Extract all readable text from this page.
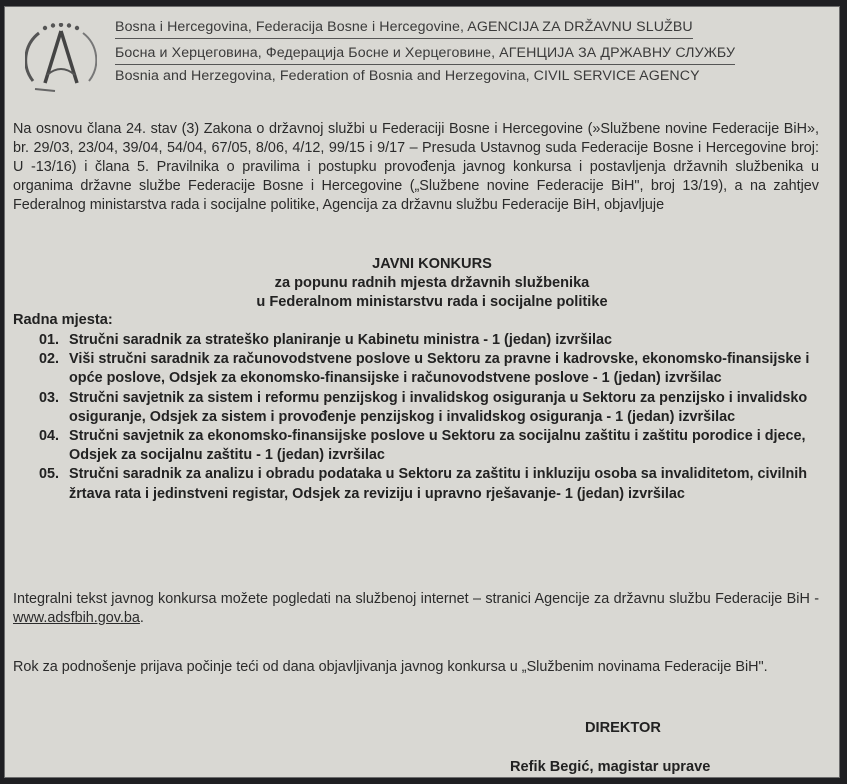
Bosna i Hercegovina, Federacija Bosne i Hercegovine, AGENCIJA ZA DRŽAVNU SLUŽBU
Босна и Херцеговина, Федерација Босне и Херцеговине, АГЕНЦИЈА ЗА ДРЖАВНУ СЛУЖБУ
Bosnia and Herzegovina, Federation of Bosnia and Herzegovina, CIVIL SERVICE AGENCY

Na osnovu člana 24. stav (3) Zakona o državnoj službi u Federaciji Bosne i Hercegovine (»Službene novine Federacije BiH», br. 29/03, 23/04, 39/04, 54/04, 67/05, 8/06, 4/12, 99/15 i 9/17 – Presuda Ustavnog suda Federacije Bosne i Hercegovine broj: U -13/16) i člana 5. Pravilnika o pravilima i postupku provođenja javnog konkursa i postavljenja državnih službenika u organima državne službe Federacije Bosne i Hercegovine („Službene novine Federacije BiH", broj 13/19), a na zahtjev Federalnog ministarstva rada i socijalne politike, Agencija za državnu službu Federacije BiH, objavljuje

JAVNI KONKURS
za popunu radnih mjesta državnih službenika
u Federalnom ministarstvu rada i socijalne politike
Radna mjesta:
01. Stručni saradnik za strateško planiranje u Kabinetu ministra - 1 (jedan) izvršilac
02. Viši stručni saradnik za računovodstvene poslove u Sektoru za pravne i kadrovske, ekonomsko-finansijske i opće poslove, Odsjek za ekonomsko-finansijske i računovodstvene poslove - 1 (jedan) izvršilac
03. Stručni savjetnik za sistem i reformu penzijskog i invalidskog osiguranja u Sektoru za penzijsko i invalidsko osiguranje, Odsjek za sistem i provođenje penzijskog i invalidskog osiguranja - 1 (jedan) izvršilac
04. Stručni savjetnik za ekonomsko-finansijske poslove u Sektoru za socijalnu zaštitu i zaštitu porodice i djece, Odsjek za socijalnu zaštitu - 1 (jedan) izvršilac
05. Stručni saradnik za analizu i obradu podataka u Sektoru za zaštitu i inkluziju osoba sa invaliditetom, civilnih žrtava rata i jedinstveni registar, Odsjek za reviziju i upravno rješavanje- 1 (jedan) izvršilac

Integralni tekst javnog konkursa možete pogledati na službenoj internet – stranici Agencije za državnu službu Federacije BiH - www.adsfbih.gov.ba.

Rok za podnošenje prijava počinje teći od dana objavljivanja javnog konkursa u „Službenim novinama Federacije BiH".

DIREKTOR
Refik Begić, magistar uprave
